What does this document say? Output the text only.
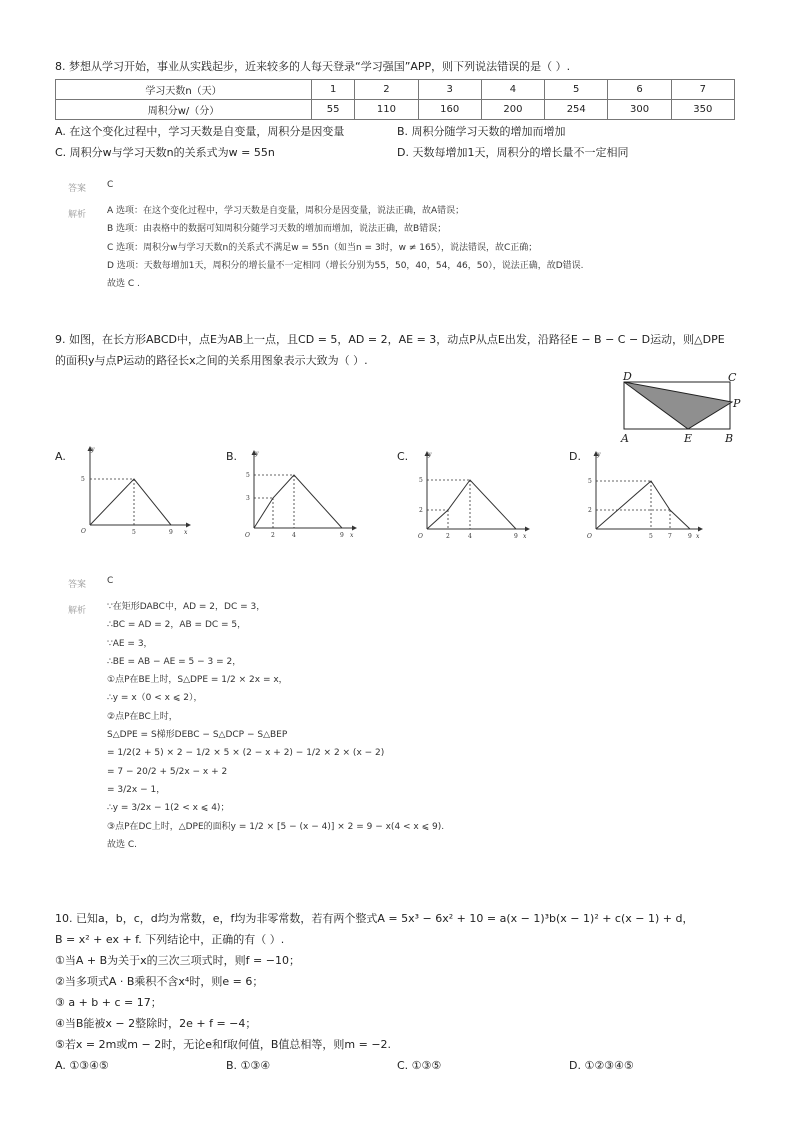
8. 梦想从学习开始，事业从实践起步，近来较多的人每天登录“学习强国”APP，则下列说法错误的是（ ）.
学习天数n（天）	1	2	3	4	5	6	7
周积分w/（分）	55	110	160	200	254	300	350
A. 在这个变化过程中，学习天数是自变量，周积分是因变量	B. 周积分随学习天数的增加而增加
C. 周积分w与学习天数n的关系式为w = 55n	D. 天数每增加1天，周积分的增长量不一定相同
答案 C
解析 A 选项：在这个变化过程中，学习天数是自变量，周积分是因变量，说法正确，故A错误；
B 选项：由表格中的数据可知周积分随学习天数的增加而增加，说法正确，故B错误；
C 选项：周积分w与学习天数n的关系式不满足w = 55n（如当n = 3时，w ≠ 165），说法错误，故C正确；
D 选项：天数每增加1天，周积分的增长量不一定相同（增长分别为55，50，40，54，46，50），说法正确，故D错误.
故选 C .
9. 如图，在长方形ABCD中，点E为AB上一点，且CD = 5，AD = 2，AE = 3，动点P从点E出发，沿路径E − B − C − D运动，则△DPE
的面积y与点P运动的路径长x之间的关系用图象表示大致为（ ）.
D	C
P
A	E	B
A.
y
x
O
5
5	9
B.	y
x
O
5
3
2	4	9
C.	y
x
O
5
2
2	4	9
D.	y
x
O
5
2
5	7	9
答案 C
解析 ∵在矩形DABC中，AD = 2，DC = 3，
∴BC = AD = 2，AB = DC = 5，
∵AE = 3，
∴BE = AB − AE = 5 − 3 = 2，
①点P在BE上时，S△DPE = 1/2 × 2x = x，
∴y = x（0 < x ⩽ 2），
②点P在BC上时，
S△DPE = S梯形DEBC − S△DCP − S△BEP
= 1/2(2 + 5) × 2 − 1/2 × 5 × (2 − x + 2) − 1/2 × 2 × (x − 2)
= 7 − 20/2 + 5/2x − x + 2
= 3/2x − 1，
∴y = 3/2x − 1(2 < x ⩽ 4)；
③点P在DC上时，△DPE的面积y = 1/2 × [5 − (x − 4)] × 2 = 9 − x(4 < x ⩽ 9).
故选 C.
10. 已知a，b，c，d均为常数，e，f均为非零常数，若有两个整式A = 5x³ − 6x² + 10 = a(x − 1)³b(x − 1)² + c(x − 1) + d，
B = x² + ex + f. 下列结论中，正确的有（ ）.
①当A + B为关于x的三次三项式时，则f = −10；
②当多项式A · B乘积不含x⁴时，则e = 6；
③ a + b + c = 17；
④当B能被x − 2整除时，2e + f = −4；
⑤若x = 2m或m − 2时，无论e和f取何值，B值总相等，则m = −2.
A. ①③④⑤	B. ①③④	C. ①③⑤	D. ①②③④⑤
